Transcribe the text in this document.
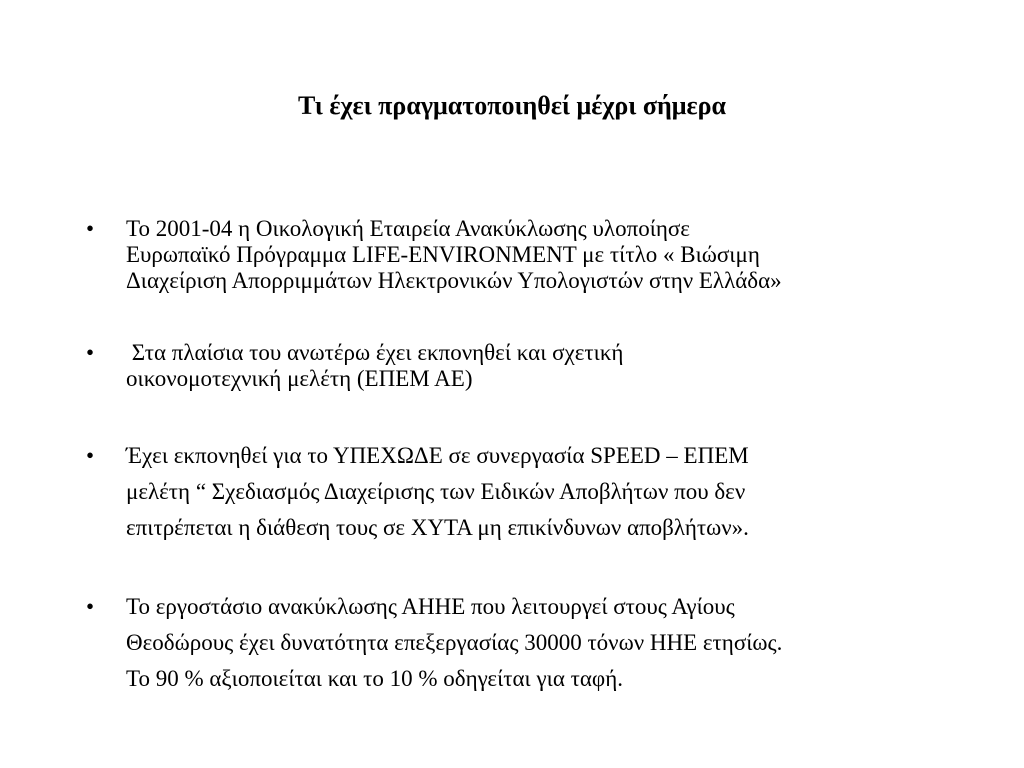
Τι έχει πραγματοποιηθεί μέχρι σήμερα
• Το 2001-04 η Οικολογική Εταιρεία Ανακύκλωσης υλοποίησε
Ευρωπαϊκό Πρόγραμμα LIFE-ENVIRONMENT με τίτλο « Βιώσιμη
Διαχείριση Απορριμμάτων Ηλεκτρονικών Υπολογιστών στην Ελλάδα»
• Στα πλαίσια του ανωτέρω έχει εκπονηθεί και σχετική
οικονομοτεχνική μελέτη (ΕΠΕΜ ΑΕ)
• Έχει εκπονηθεί για το ΥΠΕΧΩΔΕ σε συνεργασία SPEED – ΕΠΕΜ
μελέτη “ Σχεδιασμός Διαχείρισης των Ειδικών Αποβλήτων που δεν
επιτρέπεται η διάθεση τους σε ΧΥΤΑ μη επικίνδυνων αποβλήτων».
• Το εργοστάσιο ανακύκλωσης ΑΗΗΕ που λειτουργεί στους Αγίους
Θεοδώρους έχει δυνατότητα επεξεργασίας 30000 τόνων ΗΗΕ ετησίως.
Το 90 % αξιοποιείται και το 10 % οδηγείται για ταφή.
